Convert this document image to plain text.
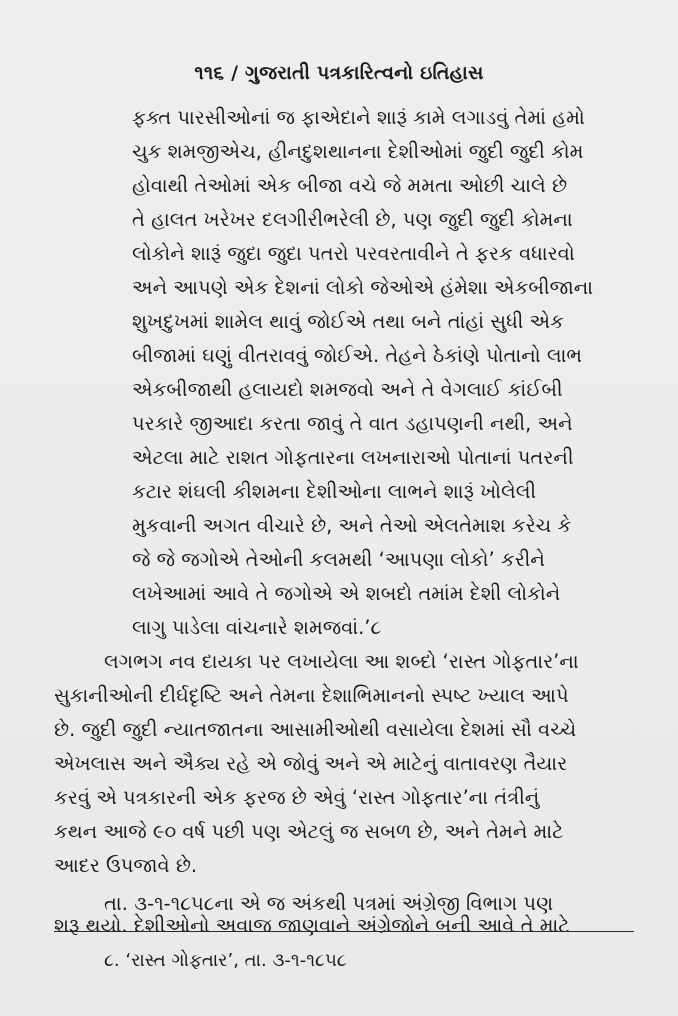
૧૧૬ / ગુજરાતી પત્રકારિત્વનો ઇતિહાસ
ફક્ત પારસીઓનાં જ ફાએદાને શારૂં કામે લગાડવું તેમાં હમો
ચુક શમજીએચ, હીનદુશથાનના દેશીઓમાં જુદી જુદી કોમ
હોવાથી તેઓમાં એક બીજા વચે જે મમતા ઓછી ચાલે છે
તે હાલત ખરેખર દલગીરીભરેલી છે, પણ જુદી જુદી કોમના
લોકોને શારૂં જુદા જુદા પતરો પરવરતાવીને તે ફરક વધારવો
અને આપણે એક દેશનાં લોકો જેઓએ હંમેશા એકબીજાના
શુખદુખમાં શામેલ થાવું જોઈએ તથા બને તાંહાં સુધી એક
બીજામાં ઘણું વીતરાવવું જોઈએ. તેહને ઠેકાંણે પોતાનો લાભ
એકબીજાથી હલાયદો શમજવો અને તે વેગલાઈ કાંઈબી
પરકારે જીઆદા કરતા જાવું તે વાત ડહાપણની નથી, અને
એટલા માટે રાશત ગોફતારના લખનારાઓ પોતાનાં પતરની
કટાર શંઘલી કીશમના દેશીઓના લાભને શારૂં ખોલેલી
મુકવાની અગત વીચારે છે, અને તેઓ એલતેમાશ કરેચ કે
જે જે જગોએ તેઓની કલમથી ‘આપણા લોકો’ કરીને
લખેઆમાં આવે તે જગોએ એ શબદો તમાંમ દેશી લોકોને
લાગુ પાડેલા વાંચનારે શમજવાં.’૮
લગભગ નવ દાયકા પર લખાયેલા આ શબ્દો ‘રાસ્ત ગોફતાર’ના
સુકાનીઓની દીર્ઘદૃષ્ટિ અને તેમના દેશાભિમાનનો સ્પષ્ટ ખ્યાલ આપે
છે. જુદી જુદી ન્યાતજાતના આસામીઓથી વસાયેલા દેશમાં સૌ વચ્ચે
એખલાસ અને ઐક્ય રહે એ જોવું અને એ માટેનું વાતાવરણ તૈયાર
કરવું એ પત્રકારની એક ફરજ છે એવું ‘રાસ્ત ગોફતાર’ના તંત્રીનું
કથન આજે ૯૦ વર્ષ પછી પણ એટલું જ સબળ છે, અને તેમને માટે
આદર ઉપજાવે છે.
તા. ૩-૧-૧૮૫૮ના એ જ અંકથી પત્રમાં અંગ્રેજી વિભાગ પણ
શરૂ થયો. દેશીઓનો અવાજ જાણવાને અંગ્રેજોને બની આવે તે માટે
૮. ‘રાસ્ત ગોફતાર’, તા. ૩-૧-૧૮૫૮
